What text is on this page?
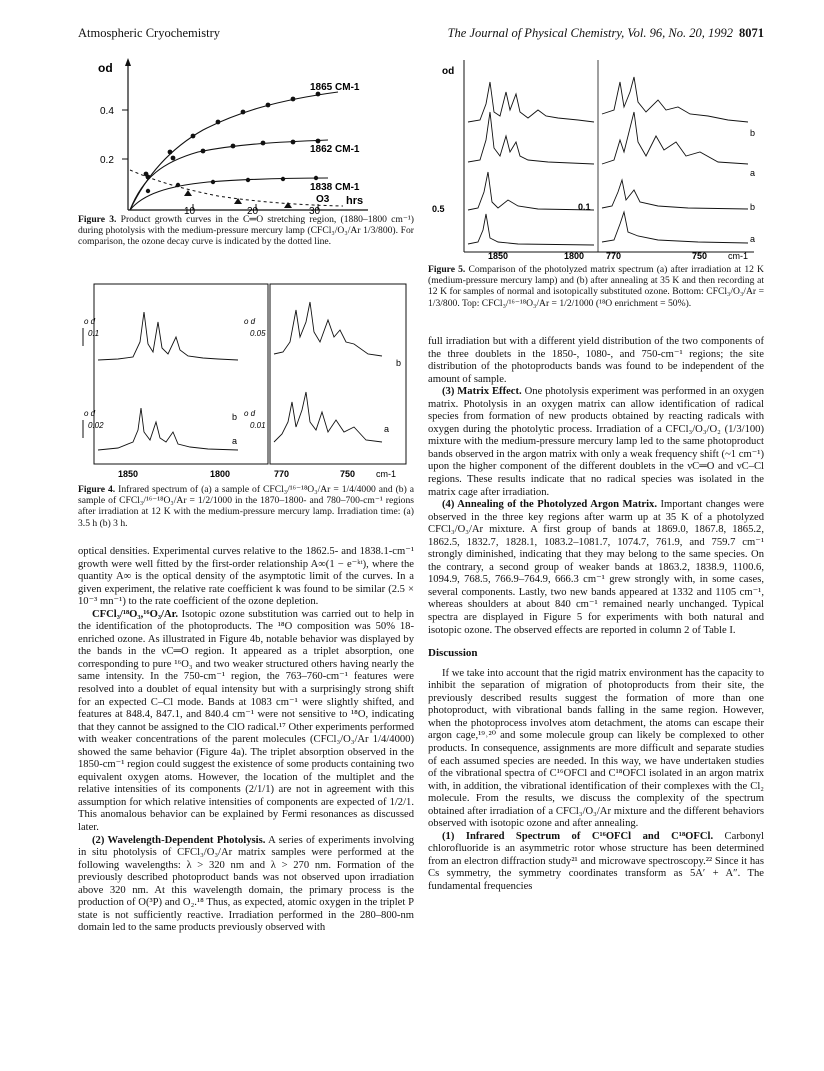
Atmospheric Cryochemistry	The Journal of Physical Chemistry, Vol. 96, No. 20, 1992 8071
od
0.4
0.2
10	20	30
hrs
1865 CM-1
1862 CM-1
1838 CM-1
O3
Figure 3. Product growth curves in the C═O stretching region, (1880–1800 cm⁻¹) during photolysis with the medium-pressure mercury lamp (CFCl₃/O₃/Ar 1/3/800). For comparison, the ozone decay curve is indicated by the dotted line.
o d
0.1
o d
0.02
o d
0.05
o d
0.01
b
a
b
a
1850	1800	770	750 cm-1
Figure 4. Infrared spectrum of (a) a sample of CFCl₃/¹⁶⁻¹⁸O₃/Ar = 1/4/4000 and (b) a sample of CFCl₃/¹⁶⁻¹⁸O₃/Ar = 1/2/1000 in the 1870–1800- and 780–700-cm⁻¹ regions after irradiation at 12 K with the medium-pressure mercury lamp. Irradiation time: (a) 3.5 h (b) 3 h.

optical densities. Experimental curves relative to the 1862.5- and 1838.1-cm⁻¹ growth were well fitted by the first-order relationship A∞(1 − e⁻ᵏᵗ), where the quantity A∞ is the optical density of the asymptotic limit of the curves. In a given experiment, the relative rate coefficient k was found to be similar (2.5 × 10⁻³ mn⁻¹) to the rate coefficient of the ozone depletion.

CFCl₃/¹⁸O₃,¹⁶O₃/Ar. Isotopic ozone substitution was carried out to help in the identification of the photoproducts. The ¹⁸O composition was 50% 18-enriched ozone. As illustrated in Figure 4b, notable behavior was displayed by the bands in the νC═O region. It appeared as a triplet absorption, one corresponding to pure ¹⁶O₃ and two weaker structured others having nearly the same intensity. In the 750-cm⁻¹ region, the 763–760-cm⁻¹ features were resolved into a doublet of equal intensity but with a surprisingly strong shift for an expected C–Cl mode. Bands at 1083 cm⁻¹ were slightly shifted, and features at 848.4, 847.1, and 840.4 cm⁻¹ were not sensitive to ¹⁸O, indicating that they cannot be assigned to the ClO radical.¹⁷ Other experiments performed with weaker concentrations of the parent molecules (CFCl₃/O₃/Ar 1/4/4000) showed the same behavior (Figure 4a). The triplet absorption observed in the 1850-cm⁻¹ region could suggest the existence of some products containing two equivalent oxygen atoms. However, the location of the multiplet and the relative intensities of its components (2/1/1) are not in agreement with this assumption for which relative intensities of components are expected of 1/2/1. This anomalous behavior can be explained by Fermi resonances as discussed later.

(2) Wavelength-Dependent Photolysis. A series of experiments involving in situ photolysis of CFCl₃/O₃/Ar matrix samples were performed at the following wavelengths: λ > 320 nm and λ > 270 nm. Formation of the previously described photoproduct bands was not observed upon irradiation above 320 nm. At this wavelength domain, the primary process is the production of O(³P) and O₂.¹⁸ Thus, as expected, atomic oxygen in the triplet P state is not sufficiently reactive. Irradiation performed in the 280–800-nm domain led to the same products previously observed with

od
0.5	0.1
b
a
b
a
1850	1800 770	750 cm-1
Figure 5. Comparison of the photolyzed matrix spectrum (a) after irradiation at 12 K (medium-pressure mercury lamp) and (b) after annealing at 35 K and then recording at 12 K for samples of normal and isotopically substituted ozone. Bottom: CFCl₃/O₃/Ar = 1/3/800. Top: CFCl₃/¹⁶⁻¹⁸O₃/Ar = 1/2/1000 (¹⁸O enrichment = 50%).

full irradiation but with a different yield distribution of the two components of the three doublets in the 1850-, 1080-, and 750-cm⁻¹ regions; the site distribution of the photoproducts bands was found to be independent of the amount of sample.

(3) Matrix Effect. One photolysis experiment was performed in an oxygen matrix. Photolysis in an oxygen matrix can allow identification of radical species from formation of new products obtained by reacting radicals with oxygen during the photolytic process. Irradiation of a CFCl₃/O₃/O₂ (1/3/100) mixture with the medium-pressure mercury lamp led to the same photoproduct bands observed in the argon matrix with only a weak frequency shift (~1 cm⁻¹) upon the higher component of the different doublets in the νC═O and νC–Cl regions. These results indicate that no radical species was isolated in the matrix cage after irradiation.

(4) Annealing of the Photolyzed Argon Matrix. Important changes were observed in the three key regions after warm up at 35 K of a photolyzed CFCl₃/O₃/Ar mixture. A first group of bands at 1869.0, 1867.8, 1865.2, 1862.5, 1832.7, 1828.1, 1083.2–1081.7, 1074.7, 761.9, and 759.7 cm⁻¹ strongly diminished, indicating that they may belong to the same species. On the contrary, a second group of weaker bands at 1863.2, 1838.9, 1100.6, 1094.9, 768.5, 766.9–764.9, 666.3 cm⁻¹ grew strongly with, in some cases, several components. Lastly, two new bands appeared at 1332 and 1105 cm⁻¹, whereas shoulders at about 840 cm⁻¹ remained nearly unchanged. Typical spectra are displayed in Figure 5 for experiments with both natural and isotopic ozone. The observed effects are reported in column 2 of Table I.

Discussion

If we take into account that the rigid matrix environment has the capacity to inhibit the separation of migration of photoproducts from their site, the previously described results suggest the formation of more than one photoproduct, with vibrational bands falling in the same region. However, when the photoprocess involves atom detachment, the atoms can escape their argon cage,¹⁹˒²⁰ and some molecule group can likely be complexed to other products. In consequence, assignments are more difficult and separate studies of each assumed species are needed. In this way, we have undertaken studies of the vibrational spectra of C¹⁶OFCl and C¹⁸OFCl isolated in an argon matrix with, in addition, the vibrational identification of their complexes with the Cl₂ molecule. From the results, we discuss the complexity of the spectrum obtained after irradiation of a CFCl₃/O₃/Ar mixture and the different behaviors observed with isotopic ozone and after annealing.

(1) Infrared Spectrum of C¹⁶OFCl and C¹⁸OFCl. Carbonyl chlorofluoride is an asymmetric rotor whose structure has been determined from an electron diffraction study²¹ and microwave spectroscopy.²² Since it has Cs symmetry, the symmetry coordinates transform as 5A′ + A″. The fundamental frequencies
